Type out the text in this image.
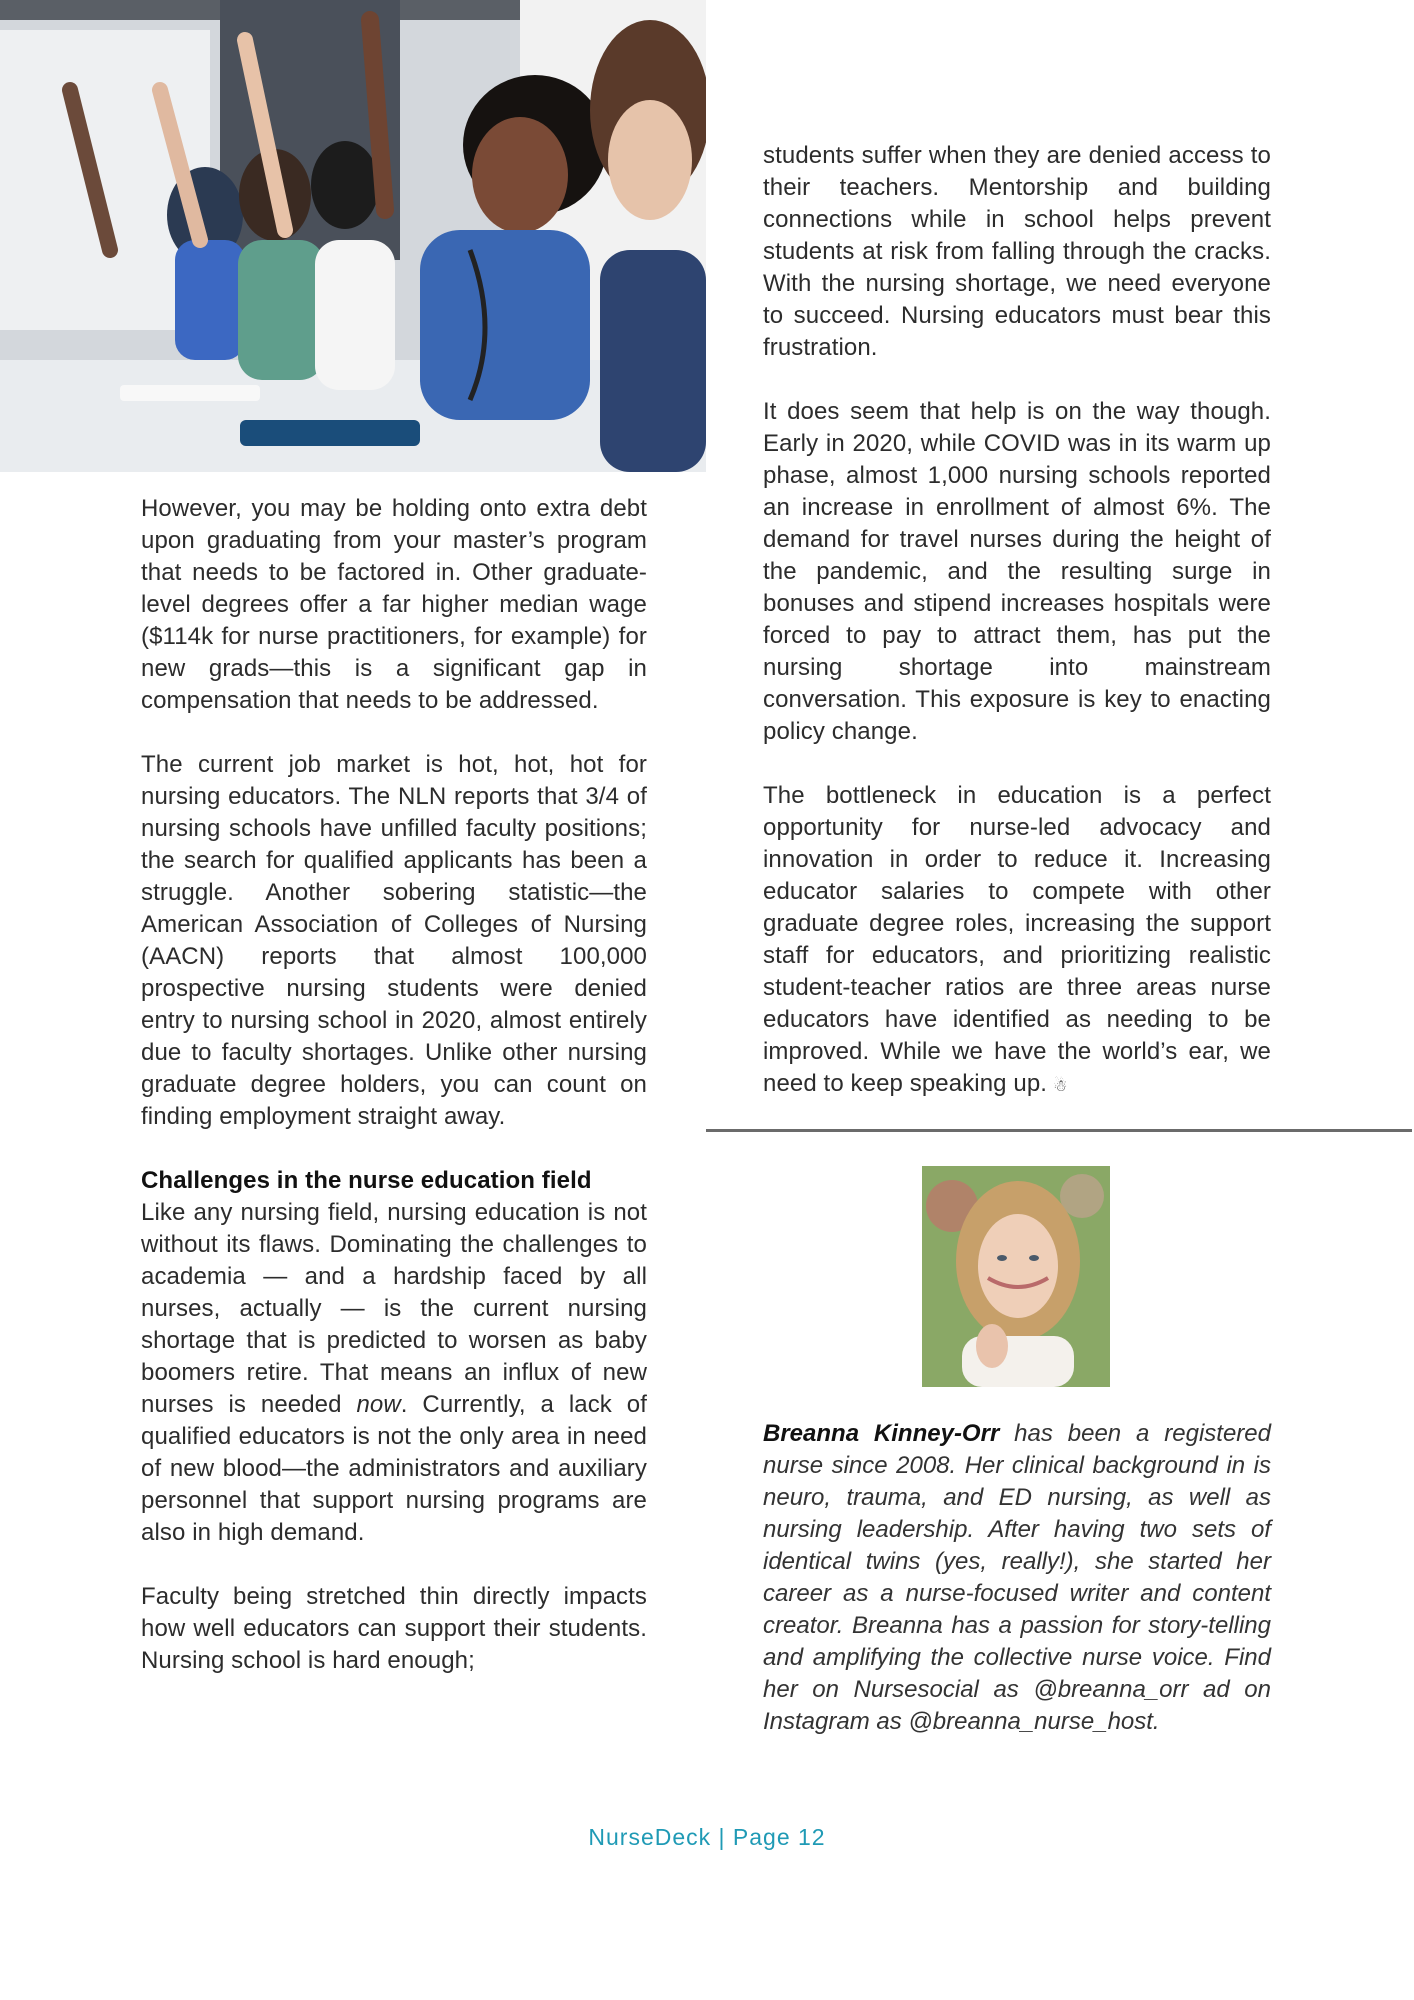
However, you may be holding onto extra debt upon graduating from your master’s program that needs to be factored in. Other graduate-level degrees offer a far higher median wage ($114k for nurse practitioners, for example) for new grads—this is a significant gap in compensation that needs to be addressed.

The current job market is hot, hot, hot for nursing educators. The NLN reports that 3/4 of nursing schools have unfilled faculty positions; the search for qualified applicants has been a struggle. Another sobering statistic—the American Association of Colleges of Nursing (AACN) reports that almost 100,000 prospective nursing students were denied entry to nursing school in 2020, almost entirely due to faculty shortages. Unlike other nursing graduate degree holders, you can count on finding employment straight away.

Challenges in the nurse education field
Like any nursing field, nursing education is not without its flaws. Dominating the challenges to academia — and a hardship faced by all nurses, actually — is the current nursing shortage that is predicted to worsen as baby boomers retire. That means an influx of new nurses is needed now. Currently, a lack of qualified educators is not the only area in need of new blood—the administrators and auxiliary personnel that support nursing programs are also in high demand.

Faculty being stretched thin directly impacts how well educators can support their students. Nursing school is hard enough;

students suffer when they are denied access to their teachers. Mentorship and building connections while in school helps prevent students at risk from falling through the cracks. With the nursing shortage, we need everyone to succeed. Nursing educators must bear this frustration.

It does seem that help is on the way though. Early in 2020, while COVID was in its warm up phase, almost 1,000 nursing schools reported an increase in enrollment of almost 6%. The demand for travel nurses during the height of the pandemic, and the resulting surge in bonuses and stipend increases hospitals were forced to pay to attract them, has put the nursing shortage into mainstream conversation. This exposure is key to enacting policy change.

The bottleneck in education is a perfect opportunity for nurse-led advocacy and innovation in order to reduce it. Increasing educator salaries to compete with other graduate degree roles, increasing the support staff for educators, and prioritizing realistic student-teacher ratios are three areas nurse educators have identified as needing to be improved. While we have the world’s ear, we need to keep speaking up. ☃

Breanna Kinney-Orr has been a registered nurse since 2008. Her clinical background in is neuro, trauma, and ED nursing, as well as nursing leadership. After having two sets of identical twins (yes, really!), she started her career as a nurse-focused writer and content creator. Breanna has a passion for story-telling and amplifying the collective nurse voice. Find her on Nursesocial as @breanna_orr ad on Instagram as @breanna_nurse_host.
NurseDeck | Page 12
